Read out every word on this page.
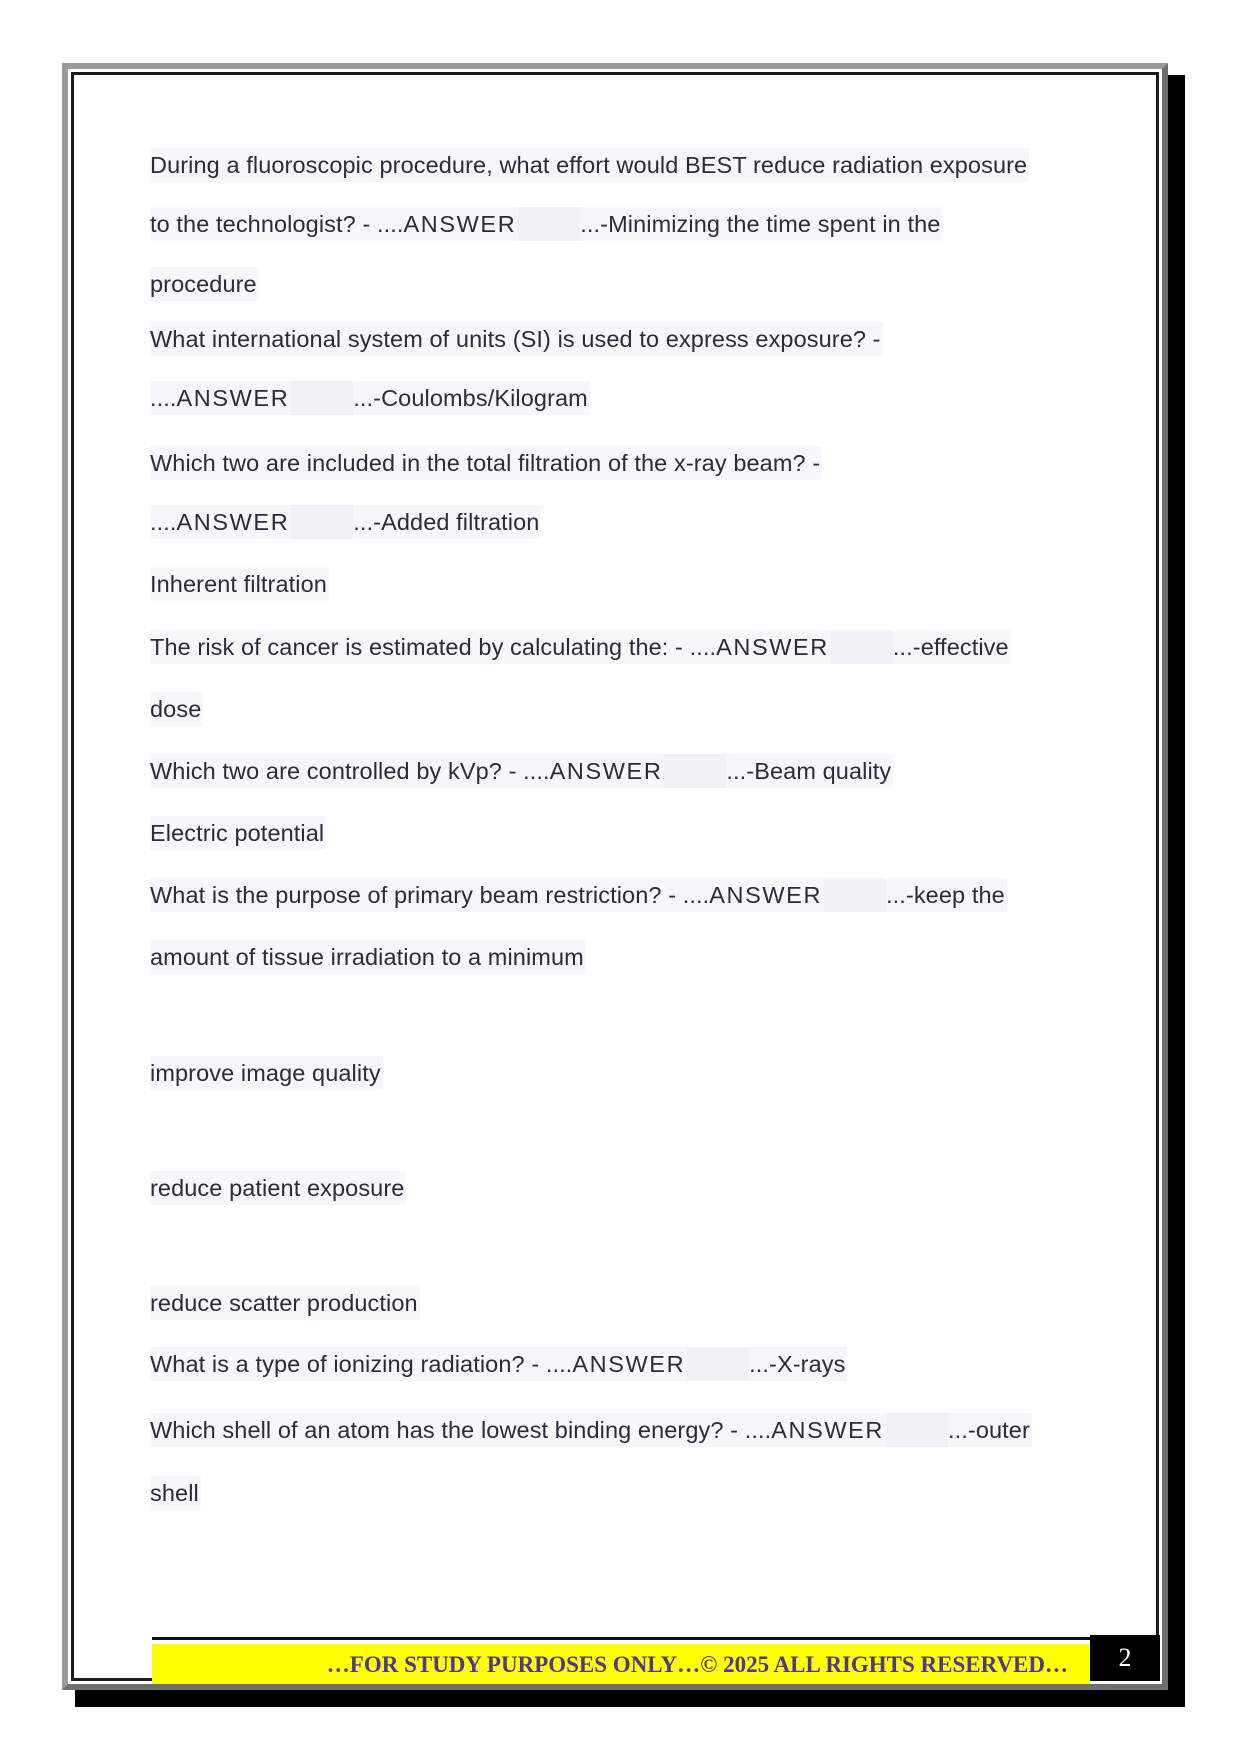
During a fluoroscopic procedure, what effort would BEST reduce radiation exposure
to the technologist? - ....ANSWER	...-Minimizing the time spent in the
procedure
What international system of units (SI) is used to express exposure? -
....ANSWER	...-Coulombs/Kilogram
Which two are included in the total filtration of the x-ray beam? -
....ANSWER	...-Added filtration
Inherent filtration
The risk of cancer is estimated by calculating the: - ....ANSWER	...-effective
dose
Which two are controlled by kVp? - ....ANSWER	...-Beam quality
Electric potential
What is the purpose of primary beam restriction? - ....ANSWER	...-keep the
amount of tissue irradiation to a minimum
improve image quality
reduce patient exposure
reduce scatter production
What is a type of ionizing radiation? - ....ANSWER	...-X-rays
Which shell of an atom has the lowest binding energy? - ....ANSWER	...-outer
shell
…FOR STUDY PURPOSES ONLY…© 2025 ALL RIGHTS RESERVED…	2
